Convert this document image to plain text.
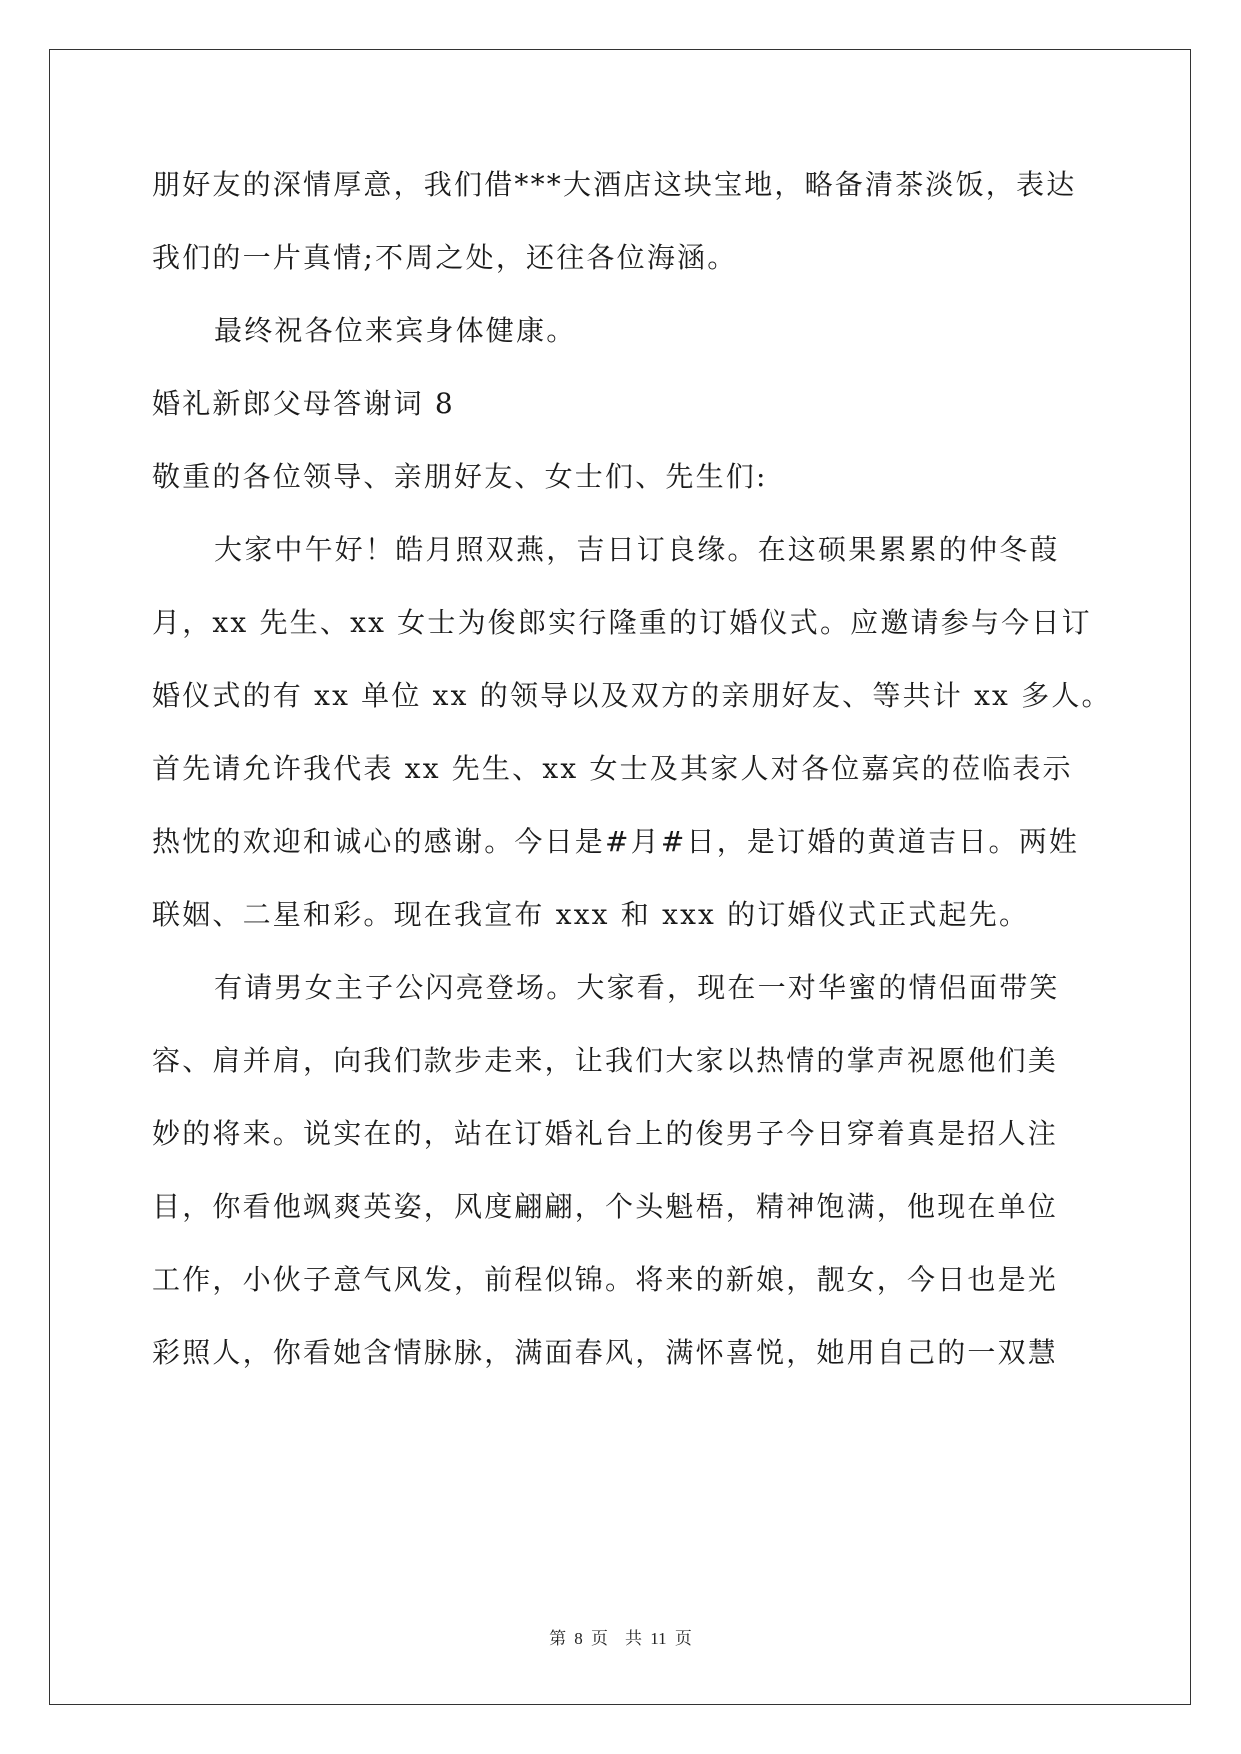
朋好友的深情厚意，我们借***大酒店这块宝地，略备清茶淡饭，表达
我们的一片真情;不周之处，还往各位海涵。
最终祝各位来宾身体健康。
婚礼新郎父母答谢词 8
敬重的各位领导、亲朋好友、女士们、先生们:
大家中午好！皓月照双燕，吉日订良缘。在这硕果累累的仲冬葭
月，xx 先生、xx 女士为俊郎实行隆重的订婚仪式。应邀请参与今日订
婚仪式的有 xx 单位 xx 的领导以及双方的亲朋好友、等共计 xx 多人。
首先请允许我代表 xx 先生、xx 女士及其家人对各位嘉宾的莅临表示
热忱的欢迎和诚心的感谢。今日是#月#日，是订婚的黄道吉日。两姓
联姻、二星和彩。现在我宣布 xxx 和 xxx 的订婚仪式正式起先。
有请男女主子公闪亮登场。大家看，现在一对华蜜的情侣面带笑
容、肩并肩，向我们款步走来，让我们大家以热情的掌声祝愿他们美
妙的将来。说实在的，站在订婚礼台上的俊男子今日穿着真是招人注
目，你看他飒爽英姿，风度翩翩，个头魁梧，精神饱满，他现在单位
工作，小伙子意气风发，前程似锦。将来的新娘，靓女，今日也是光
彩照人，你看她含情脉脉，满面春风，满怀喜悦，她用自己的一双慧
第 8 页　共 11 页
